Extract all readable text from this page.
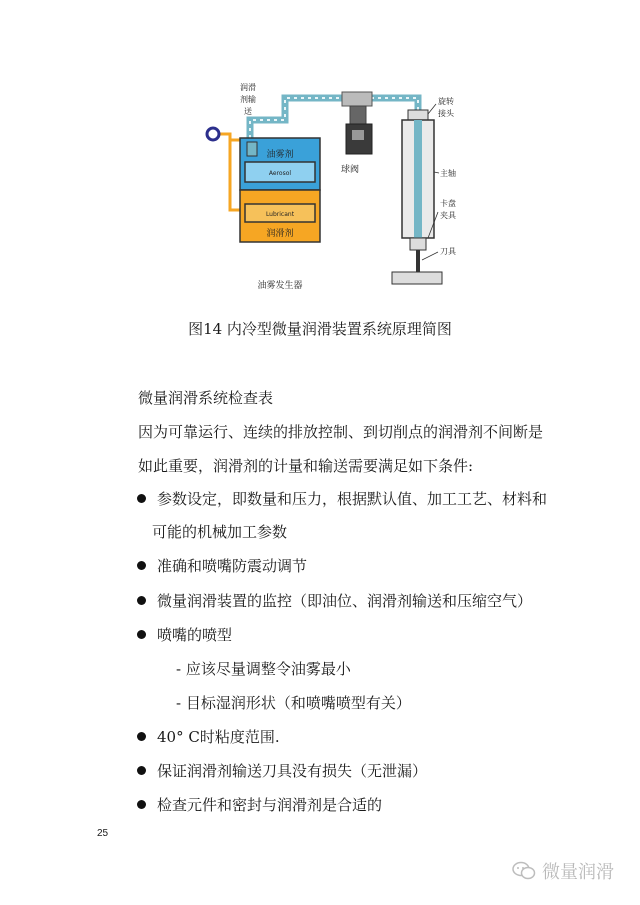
油雾剂
Aerosol
Lubricant
润滑剂
油雾发生器
润滑
剂输
送
球阀
旋转
接头
主轴
卡盘
夹具
刀具
图14 内冷型微量润滑装置系统原理简图
微量润滑系统检查表
因为可靠运行、连续的排放控制、到切削点的润滑剂不间断是
如此重要，润滑剂的计量和输送需要满足如下条件:
参数设定，即数量和压力，根据默认值、加工工艺、材料和
可能的机械加工参数
准确和喷嘴防震动调节
微量润滑装置的监控（即油位、润滑剂输送和压缩空气）
喷嘴的喷型
- 应该尽量调整令油雾最小
- 目标湿润形状（和喷嘴喷型有关）
40° C时粘度范围.
保证润滑剂输送刀具没有损失（无泄漏）
检查元件和密封与润滑剂是合适的
25
微量润滑
